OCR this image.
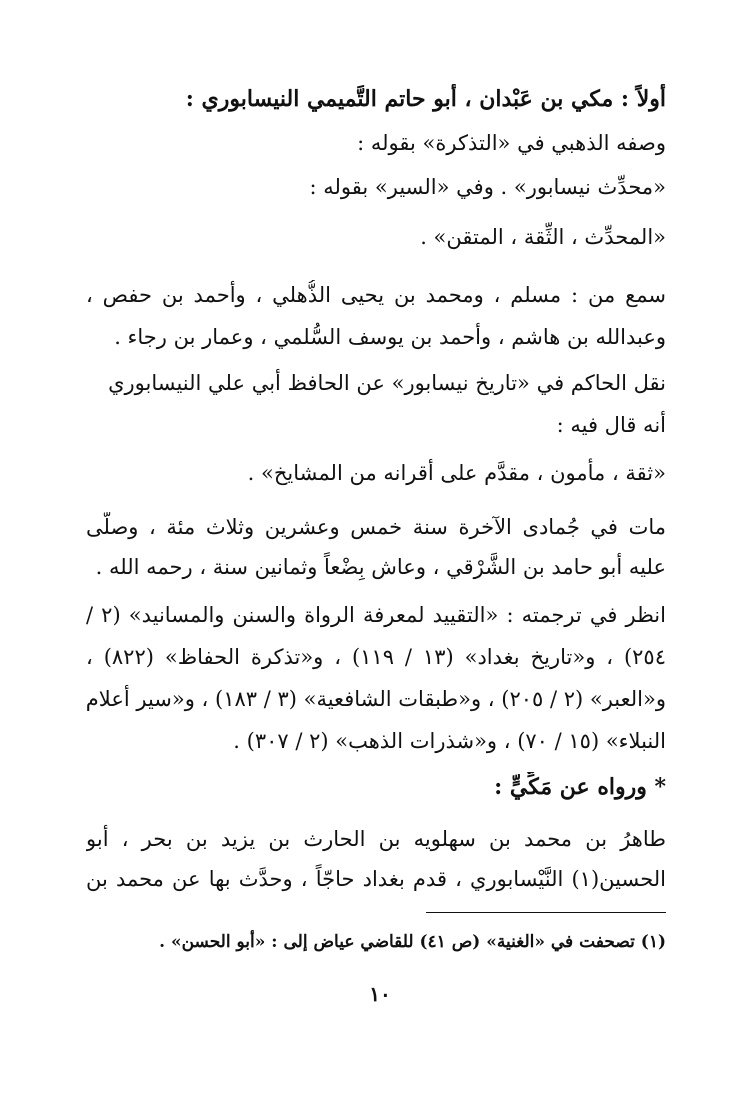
أولاً : مكي بن عَبْدان ، أبو حاتم التَّميمي النيسابوري :
وصفه الذهبي في «التذكرة» بقوله :
«محدِّث نيسابور» . وفي «السير» بقوله :
«المحدِّث ، الثِّقة ، المتقن» .
سمع من : مسلم ، ومحمد بن يحيى الذُّهلي ، وأحمد بن حفص ،
وعبدالله بن هاشم ، وأحمد بن يوسف السُّلمي ، وعمار بن رجاء .
نقل الحاكم في «تاريخ نيسابور» عن الحافظ أبي علي النيسابوري
أنه قال فيه :
«ثقة ، مأمون ، مقدَّم على أقرانه من المشايخ» .
مات في جُمادى الآخرة سنة خمس وعشرين وثلاث مئة ، وصلَّى
عليه أبو حامد بن الشَّرْقي ، وعاش بِضْعاً وثمانين سنة ، رحمه الله .
انظر في ترجمته : «التقييد لمعرفة الرواة والسنن والمسانيد» (٢ /
٢٥٤) ، و«تاريخ بغداد» (١٣ / ١١٩) ، و«تذكرة الحفاظ» (٨٢٢) ،
و«العبر» (٢ / ٢٠٥) ، و«طبقات الشافعية» (٣ / ١٨٣) ، و«سير أعلام
النبلاء» (١٥ / ٧٠) ، و«شذرات الذهب» (٢ / ٣٠٧) .
* ورواه عن مَكِّيٍّ :
طاهرُ بن محمد بن سهلويه بن الحارث بن يزيد بن بحر ، أبو
الحسين(١) النَّيْسابوري ، قدم بغداد حاجّاً ، وحدَّث بها عن محمد بن
(١) تصحفت في «الغنية» (ص ٤١) للقاضي عياض إلى : «أبو الحسن» .
١٠
